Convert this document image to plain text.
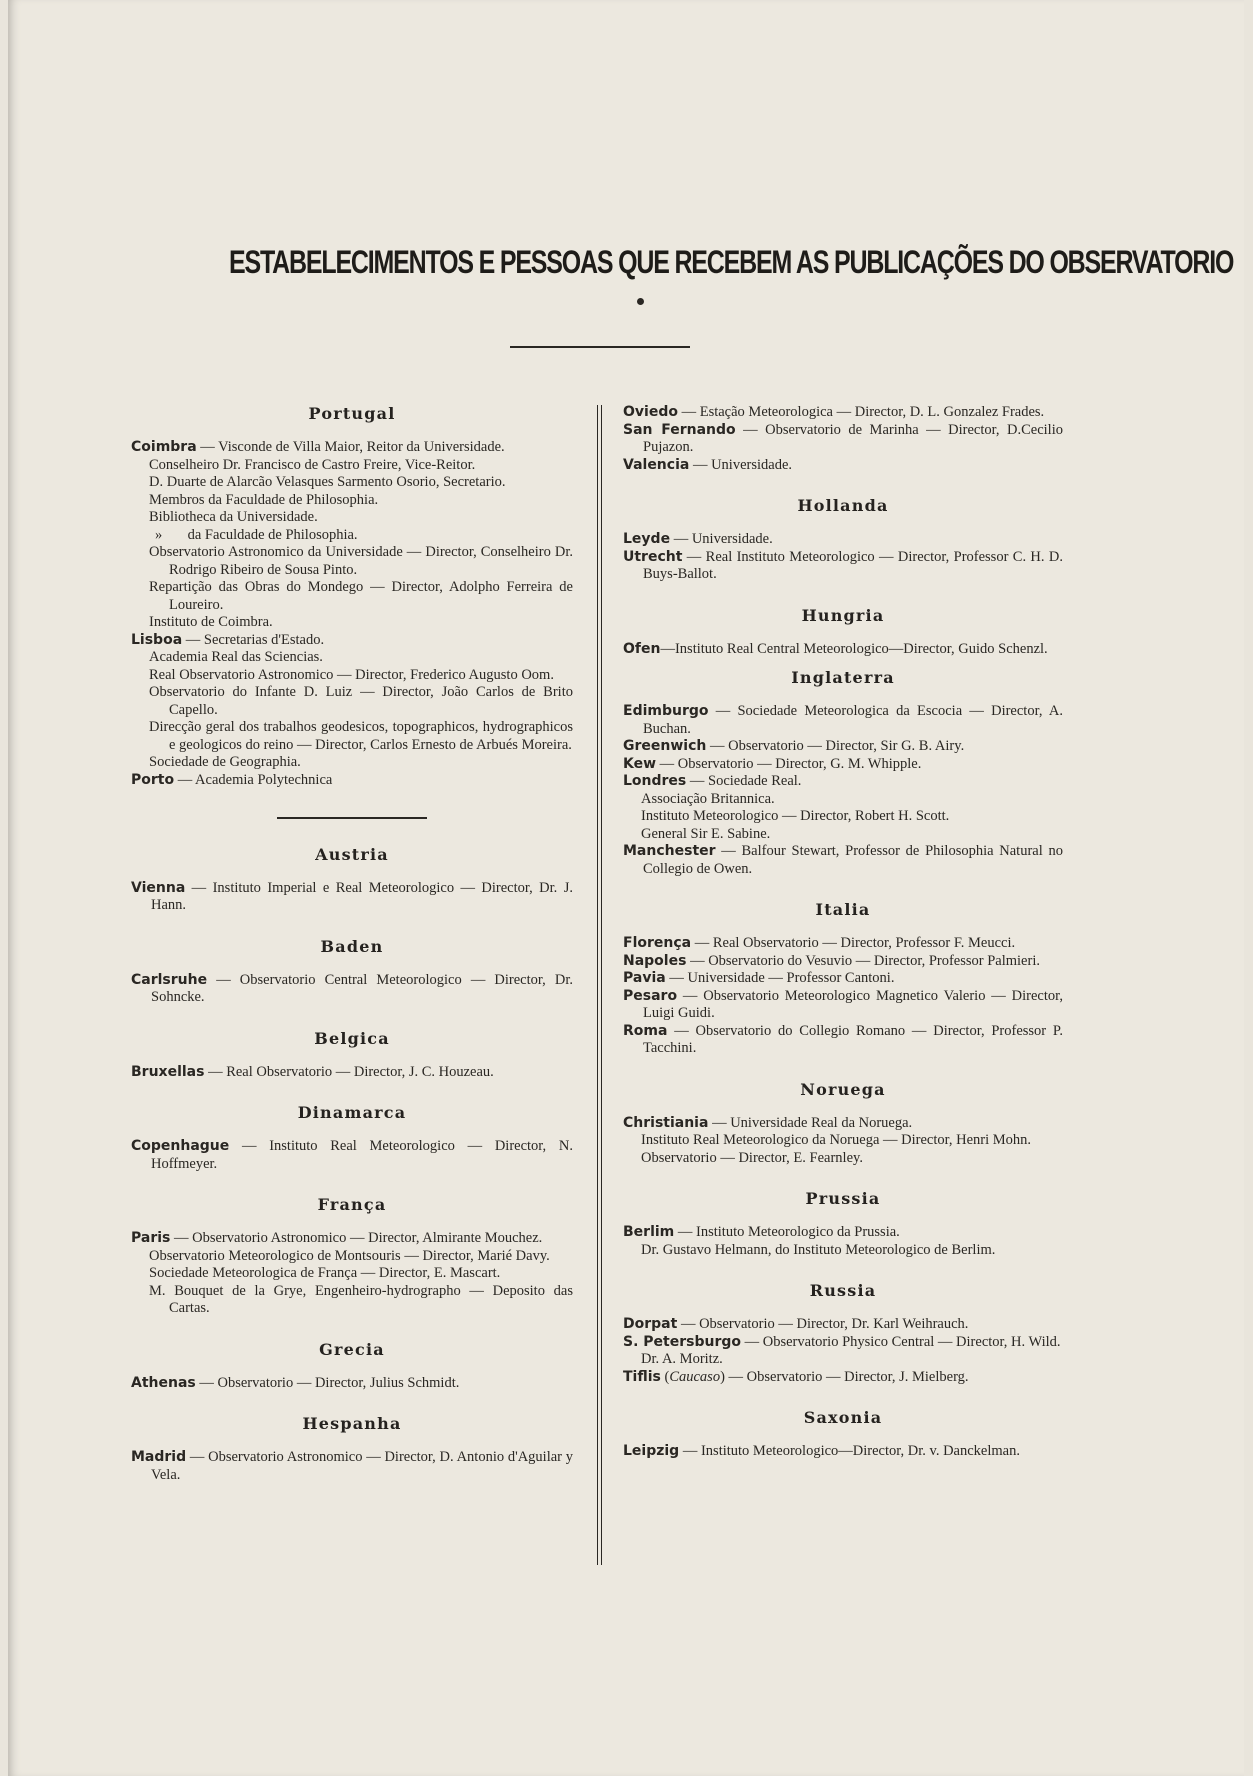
ESTABELECIMENTOS E PESSOAS QUE RECEBEM AS PUBLICAÇÕES DO OBSERVATORIO
Portugal
Coimbra — Visconde de Villa Maior, Reitor da Universidade.
Conselheiro Dr. Francisco de Castro Freire, Vice-Reitor.
D. Duarte de Alarcão Velasques Sarmento Osorio, Secretario.
Membros da Faculdade de Philosophia.
Bibliotheca da Universidade.
»       da Faculdade de Philosophia.
Observatorio Astronomico da Universidade — Director, Conselheiro Dr. Rodrigo Ribeiro de Sousa Pinto.
Repartição das Obras do Mondego — Director, Adolpho Ferreira de Loureiro.
Instituto de Coimbra.
Lisboa — Secretarias d'Estado.
Academia Real das Sciencias.
Real Observatorio Astronomico — Director, Frederico Augusto Oom.
Observatorio do Infante D. Luiz — Director, João Carlos de Brito Capello.
Direcção geral dos trabalhos geodesicos, topographicos, hydrographicos e geologicos do reino — Director, Carlos Ernesto de Arbués Moreira.
Sociedade de Geographia.
Porto — Academia Polytechnica
Austria
Vienna — Instituto Imperial e Real Meteorologico — Director, Dr. J. Hann.
Baden
Carlsruhe — Observatorio Central Meteorologico — Director, Dr. Sohncke.
Belgica
Bruxellas — Real Observatorio — Director, J. C. Houzeau.
Dinamarca
Copenhague — Instituto Real Meteorologico — Director, N. Hoffmeyer.
França
Paris — Observatorio Astronomico — Director, Almirante Mouchez.
Observatorio Meteorologico de Montsouris — Director, Marié Davy.
Sociedade Meteorologica de França — Director, E. Mascart.
M. Bouquet de la Grye, Engenheiro-hydrographo — Deposito das Cartas.
Grecia
Athenas — Observatorio — Director, Julius Schmidt.
Hespanha
Madrid — Observatorio Astronomico — Director, D. Antonio d'Aguilar y Vela.
Oviedo — Estação Meteorologica — Director, D. L. Gonzalez Frades.
San Fernando — Observatorio de Marinha — Director, D.Cecilio Pujazon.
Valencia — Universidade.
Hollanda
Leyde — Universidade.
Utrecht — Real Instituto Meteorologico — Director, Professor C. H. D. Buys-Ballot.
Hungria
Ofen—Instituto Real Central Meteorologico—Director, Guido Schenzl.
Inglaterra
Edimburgo — Sociedade Meteorologica da Escocia — Director, A. Buchan.
Greenwich — Observatorio — Director, Sir G. B. Airy.
Kew — Observatorio — Director, G. M. Whipple.
Londres — Sociedade Real.
Associação Britannica.
Instituto Meteorologico — Director, Robert H. Scott.
General Sir E. Sabine.
Manchester — Balfour Stewart, Professor de Philosophia Natural no Collegio de Owen.
Italia
Florença — Real Observatorio — Director, Professor F. Meucci.
Napoles — Observatorio do Vesuvio — Director, Professor Palmieri.
Pavia — Universidade — Professor Cantoni.
Pesaro — Observatorio Meteorologico Magnetico Valerio — Director, Luigi Guidi.
Roma — Observatorio do Collegio Romano — Director, Professor P. Tacchini.
Noruega
Christiania — Universidade Real da Noruega.
Instituto Real Meteorologico da Noruega — Director, Henri Mohn.
Observatorio — Director, E. Fearnley.
Prussia
Berlim — Instituto Meteorologico da Prussia.
Dr. Gustavo Helmann, do Instituto Meteorologico de Berlim.
Russia
Dorpat — Observatorio — Director, Dr. Karl Weihrauch.
S. Petersburgo — Observatorio Physico Central — Director, H. Wild.
Dr. A. Moritz.
Tiflis (Caucaso) — Observatorio — Director, J. Mielberg.
Saxonia
Leipzig — Instituto Meteorologico—Director, Dr. v. Danckelman.
